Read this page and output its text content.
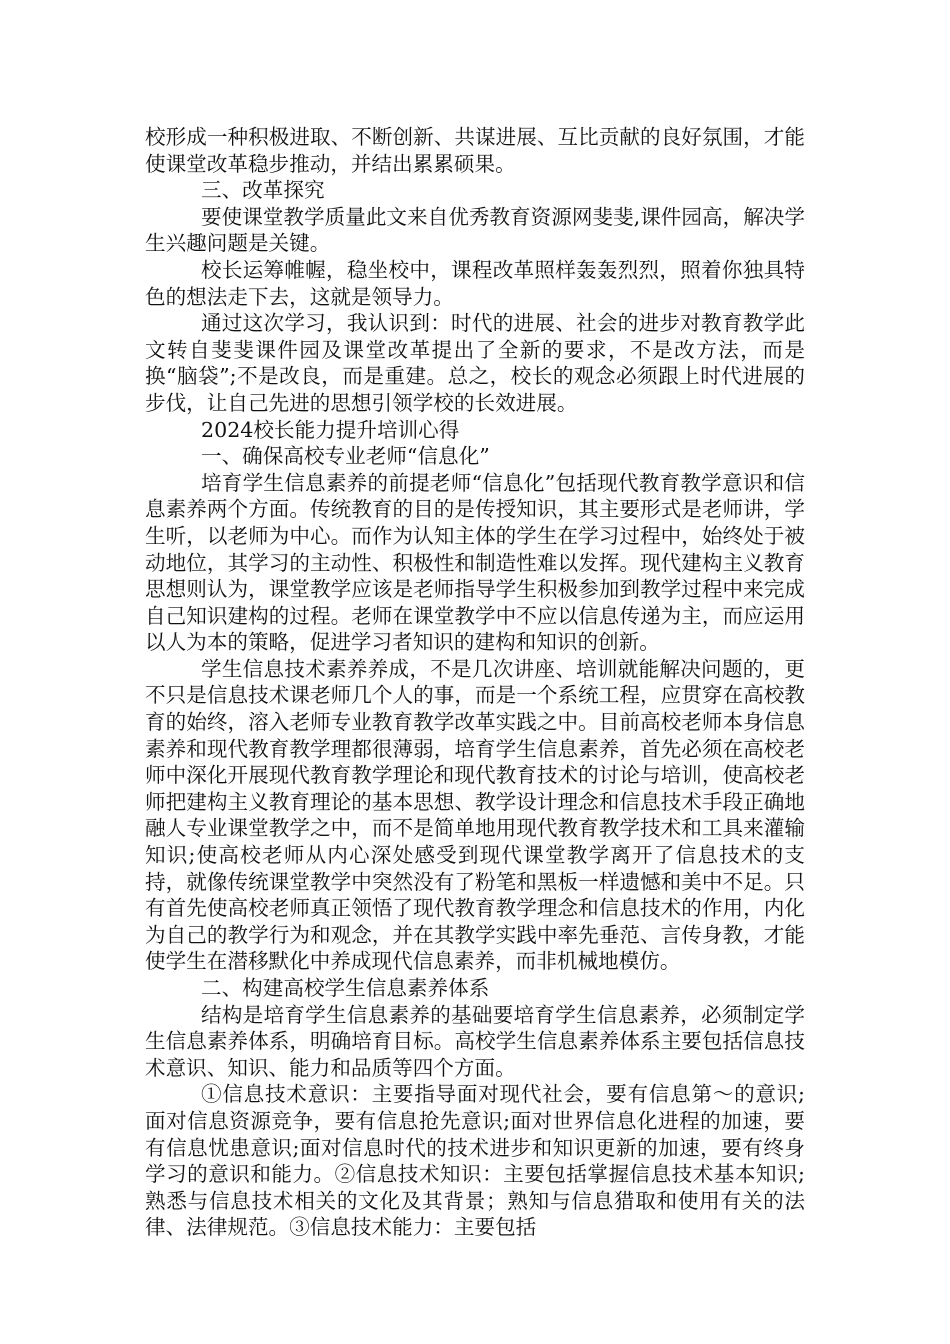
校形成一种积极进取、不断创新、共谋进展、互比贡献的良好氛围，才能使课堂改革稳步推动，并结出累累硕果。

三、改革探究

要使课堂教学质量此文来自优秀教育资源网斐斐,课件园高，解决学生兴趣问题是关键。

校长运筹帷幄，稳坐校中，课程改革照样轰轰烈烈，照着你独具特色的想法走下去，这就是领导力。

通过这次学习，我认识到：时代的进展、社会的进步对教育教学此文转自斐斐课件园及课堂改革提出了全新的要求，不是改方法，而是换“脑袋”;不是改良，而是重建。总之，校长的观念必须跟上时代进展的步伐，让自己先进的思想引领学校的长效进展。

2024校长能力提升培训心得

一、确保高校专业老师“信息化”

培育学生信息素养的前提老师“信息化”包括现代教育教学意识和信息素养两个方面。传统教育的目的是传授知识，其主要形式是老师讲，学生听，以老师为中心。而作为认知主体的学生在学习过程中，始终处于被动地位，其学习的主动性、积极性和制造性难以发挥。现代建构主义教育思想则认为，课堂教学应该是老师指导学生积极参加到教学过程中来完成自己知识建构的过程。老师在课堂教学中不应以信息传递为主，而应运用以人为本的策略，促进学习者知识的建构和知识的创新。

学生信息技术素养养成，不是几次讲座、培训就能解决问题的，更不只是信息技术课老师几个人的事，而是一个系统工程，应贯穿在高校教育的始终，溶入老师专业教育教学改革实践之中。目前高校老师本身信息素养和现代教育教学理都很薄弱，培育学生信息素养，首先必须在高校老师中深化开展现代教育教学理论和现代教育技术的讨论与培训，使高校老师把建构主义教育理论的基本思想、教学设计理念和信息技术手段正确地融人专业课堂教学之中，而不是简单地用现代教育教学技术和工具来灌输知识;使高校老师从内心深处感受到现代课堂教学离开了信息技术的支持，就像传统课堂教学中突然没有了粉笔和黑板一样遗憾和美中不足。只有首先使高校老师真正领悟了现代教育教学理念和信息技术的作用，内化为自己的教学行为和观念，并在其教学实践中率先垂范、言传身教，才能使学生在潜移默化中养成现代信息素养，而非机械地模仿。

二、构建高校学生信息素养体系

结构是培育学生信息素养的基础要培育学生信息素养，必须制定学生信息素养体系，明确培育目标。高校学生信息素养体系主要包括信息技术意识、知识、能力和品质等四个方面。

①信息技术意识：主要指导面对现代社会，要有信息第〜的意识;面对信息资源竞争，要有信息抢先意识;面对世界信息化进程的加速，要有信息忧患意识;面对信息时代的技术进步和知识更新的加速，要有终身学习的意识和能力。②信息技术知识：主要包括掌握信息技术基本知识;熟悉与信息技术相关的文化及其背景；熟知与信息猎取和使用有关的法律、法律规范。③信息技术能力：主要包括
